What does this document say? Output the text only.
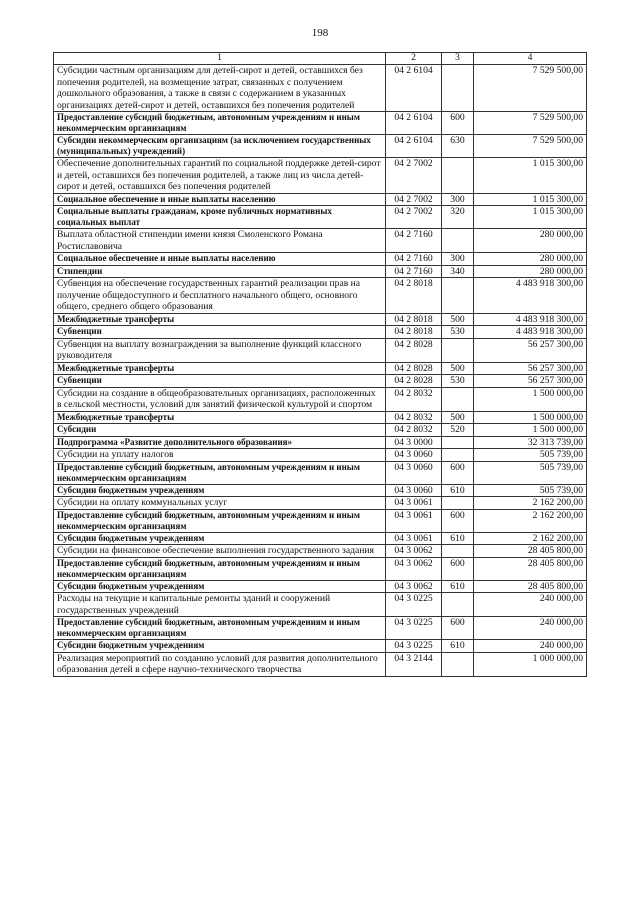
198
1	2	3	4
Субсидии частным организациям для детей-сирот и детей, оставшихся без попечения родителей, на возмещение затрат, связанных с получением дошкольного образования, а также в связи с содержанием в указанных организациях детей-сирот и детей, оставшихся без попечения родителей	04 2 6104		7 529 500,00
Предоставление субсидий бюджетным, автономным учреждениям и иным некоммерческим организациям	04 2 6104	600	7 529 500,00
Субсидии некоммерческим организациям (за исключением государственных (муниципальных) учреждений)	04 2 6104	630	7 529 500,00
Обеспечение дополнительных гарантий по социальной поддержке детей-сирот и детей, оставшихся без попечения родителей, а также лиц из числа детей-сирот и детей, оставшихся без попечения родителей	04 2 7002		1 015 300,00
Социальное обеспечение и иные выплаты населению	04 2 7002	300	1 015 300,00
Социальные выплаты гражданам, кроме публичных нормативных социальных выплат	04 2 7002	320	1 015 300,00
Выплата областной стипендии имени князя Смоленского Романа Ростиславовича	04 2 7160		280 000,00
Социальное обеспечение и иные выплаты населению	04 2 7160	300	280 000,00
Стипендии	04 2 7160	340	280 000,00
Субвенция на обеспечение государственных гарантий реализации прав на получение общедоступного и бесплатного начального общего, основного общего, среднего общего образования	04 2 8018		4 483 918 300,00
Межбюджетные трансферты	04 2 8018	500	4 483 918 300,00
Субвенции	04 2 8018	530	4 483 918 300,00
Субвенция на выплату вознаграждения за выполнение функций классного руководителя	04 2 8028		56 257 300,00
Межбюджетные трансферты	04 2 8028	500	56 257 300,00
Субвенции	04 2 8028	530	56 257 300,00
Субсидии на создание в общеобразовательных организациях, расположенных в сельской местности, условий для занятий физической культурой и спортом	04 2 8032		1 500 000,00
Межбюджетные трансферты	04 2 8032	500	1 500 000,00
Субсидии	04 2 8032	520	1 500 000,00
Подпрограмма «Развитие дополнительного образования»	04 3 0000		32 313 739,00
Субсидии на уплату налогов	04 3 0060		505 739,00
Предоставление субсидий бюджетным, автономным учреждениям и иным некоммерческим организациям	04 3 0060	600	505 739,00
Субсидии бюджетным учреждениям	04 3 0060	610	505 739,00
Субсидии на оплату коммунальных услуг	04 3 0061		2 162 200,00
Предоставление субсидий бюджетным, автономным учреждениям и иным некоммерческим организациям	04 3 0061	600	2 162 200,00
Субсидии бюджетным учреждениям	04 3 0061	610	2 162 200,00
Субсидии на финансовое обеспечение выполнения государственного задания	04 3 0062		28 405 800,00
Предоставление субсидий бюджетным, автономным учреждениям и иным некоммерческим организациям	04 3 0062	600	28 405 800,00
Субсидии бюджетным учреждениям	04 3 0062	610	28 405 800,00
Расходы на текущие и капитальные ремонты зданий и сооружений государственных учреждений	04 3 0225		240 000,00
Предоставление субсидий бюджетным, автономным учреждениям и иным некоммерческим организациям	04 3 0225	600	240 000,00
Субсидии бюджетным учреждениям	04 3 0225	610	240 000,00
Реализация мероприятий по созданию условий для развития дополнительного образования детей в сфере научно-технического творчества	04 3 2144		1 000 000,00
